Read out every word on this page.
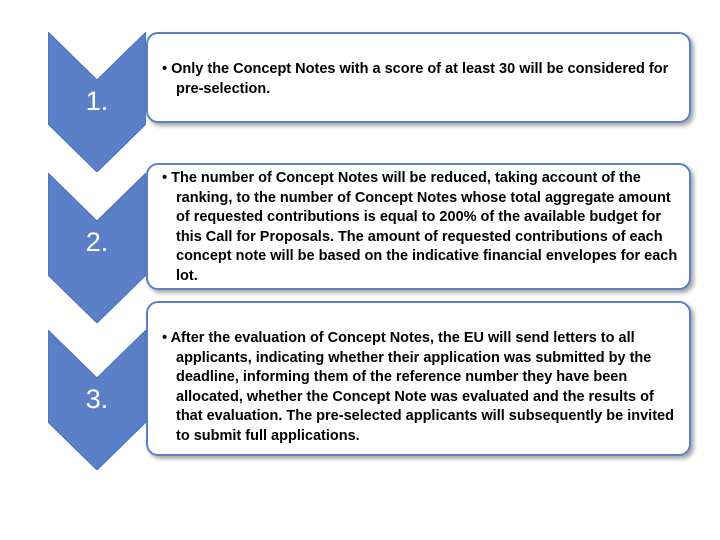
1.
2.
3.

• Only the Concept Notes with a score of at least 30 will be considered for pre-selection.

• The number of Concept Notes will be reduced, taking account of the ranking, to the number of Concept Notes whose total aggregate amount of requested contributions is equal to 200% of the available budget for this Call for Proposals. The amount of requested contributions of each concept note will be based on the indicative financial envelopes for each lot.

• After the evaluation of Concept Notes, the EU will send letters to all applicants, indicating whether their application was submitted by the deadline, informing them of the reference number they have been allocated, whether the Concept Note was evaluated and the results of that evaluation. The pre-selected applicants will subsequently be invited to submit full applications.
